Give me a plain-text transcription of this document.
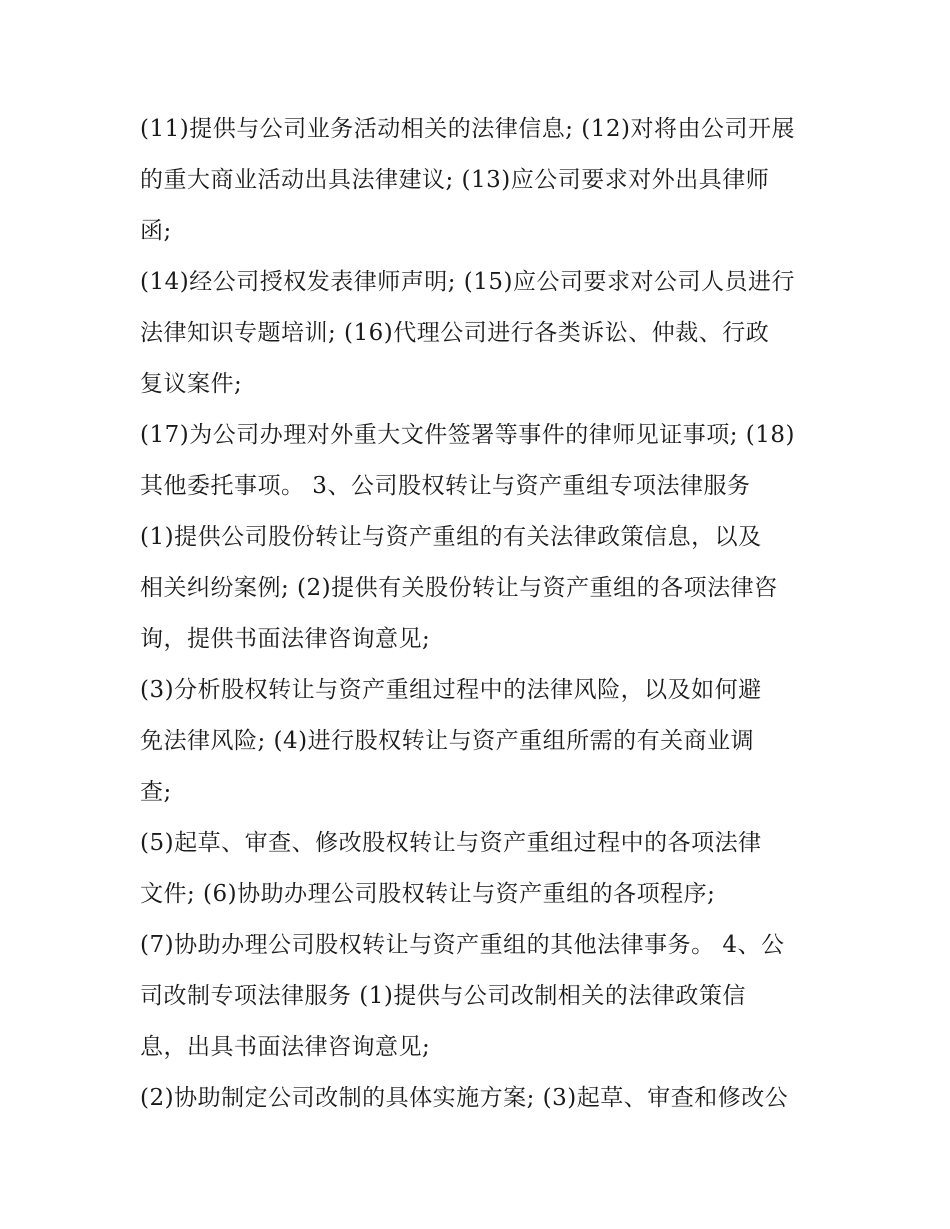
(11)提供与公司业务活动相关的法律信息; (12)对将由公司开展
的重大商业活动出具法律建议; (13)应公司要求对外出具律师
函;
(14)经公司授权发表律师声明; (15)应公司要求对公司人员进行
法律知识专题培训; (16)代理公司进行各类诉讼、仲裁、行政
复议案件;
(17)为公司办理对外重大文件签署等事件的律师见证事项; (18)
其他委托事项。 3、公司股权转让与资产重组专项法律服务
(1)提供公司股份转让与资产重组的有关法律政策信息，以及
相关纠纷案例; (2)提供有关股份转让与资产重组的各项法律咨
询，提供书面法律咨询意见;
(3)分析股权转让与资产重组过程中的法律风险，以及如何避
免法律风险; (4)进行股权转让与资产重组所需的有关商业调
查;
(5)起草、审查、修改股权转让与资产重组过程中的各项法律
文件; (6)协助办理公司股权转让与资产重组的各项程序;
(7)协助办理公司股权转让与资产重组的其他法律事务。 4、公
司改制专项法律服务 (1)提供与公司改制相关的法律政策信
息，出具书面法律咨询意见;
(2)协助制定公司改制的具体实施方案; (3)起草、审查和修改公
